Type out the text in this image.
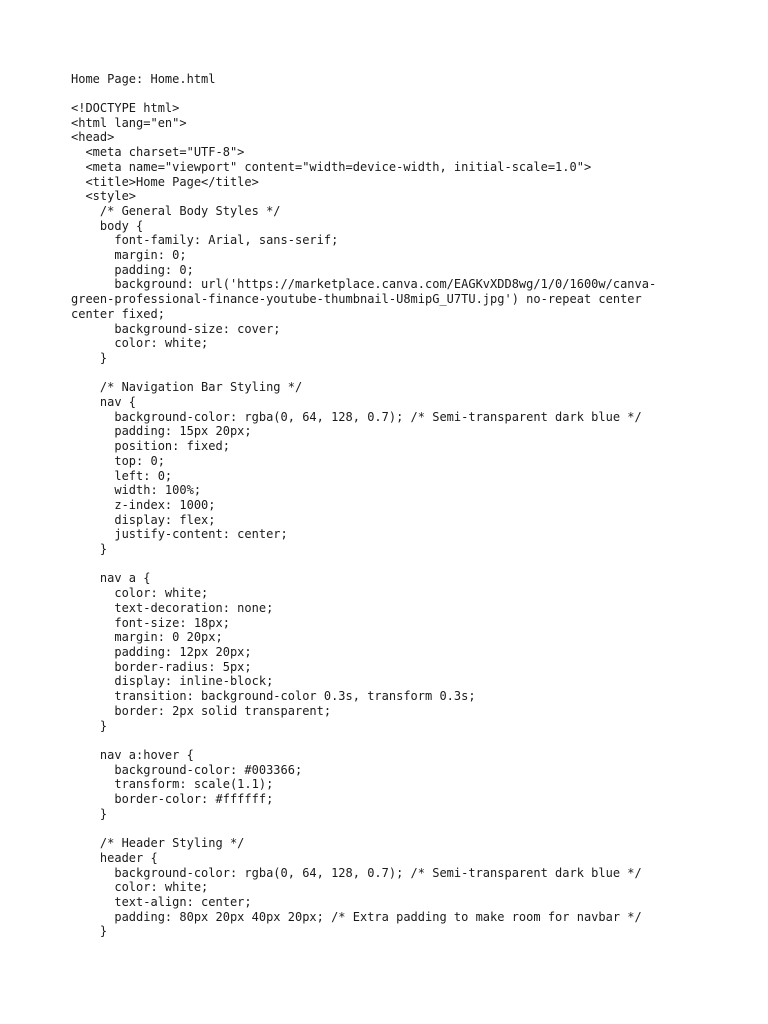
Home Page: Home.html
<!DOCTYPE html>
<html lang="en">
<head>
<meta charset="UTF-8">
<meta name="viewport" content="width=device-width, initial-scale=1.0">
<title>Home Page</title>
<style>
/* General Body Styles */
body {
font-family: Arial, sans-serif;
margin: 0;
padding: 0;
background: url('https://marketplace.canva.com/EAGKvXDD8wg/1/0/1600w/canva-
green-professional-finance-youtube-thumbnail-U8mipG_U7TU.jpg') no-repeat center
center fixed;
background-size: cover;
color: white;
}
/* Navigation Bar Styling */
nav {
background-color: rgba(0, 64, 128, 0.7); /* Semi-transparent dark blue */
padding: 15px 20px;
position: fixed;
top: 0;
left: 0;
width: 100%;
z-index: 1000;
display: flex;
justify-content: center;
}
nav a {
color: white;
text-decoration: none;
font-size: 18px;
margin: 0 20px;
padding: 12px 20px;
border-radius: 5px;
display: inline-block;
transition: background-color 0.3s, transform 0.3s;
border: 2px solid transparent;
}
nav a:hover {
background-color: #003366;
transform: scale(1.1);
border-color: #ffffff;
}
/* Header Styling */
header {
background-color: rgba(0, 64, 128, 0.7); /* Semi-transparent dark blue */
color: white;
text-align: center;
padding: 80px 20px 40px 20px; /* Extra padding to make room for navbar */
}
